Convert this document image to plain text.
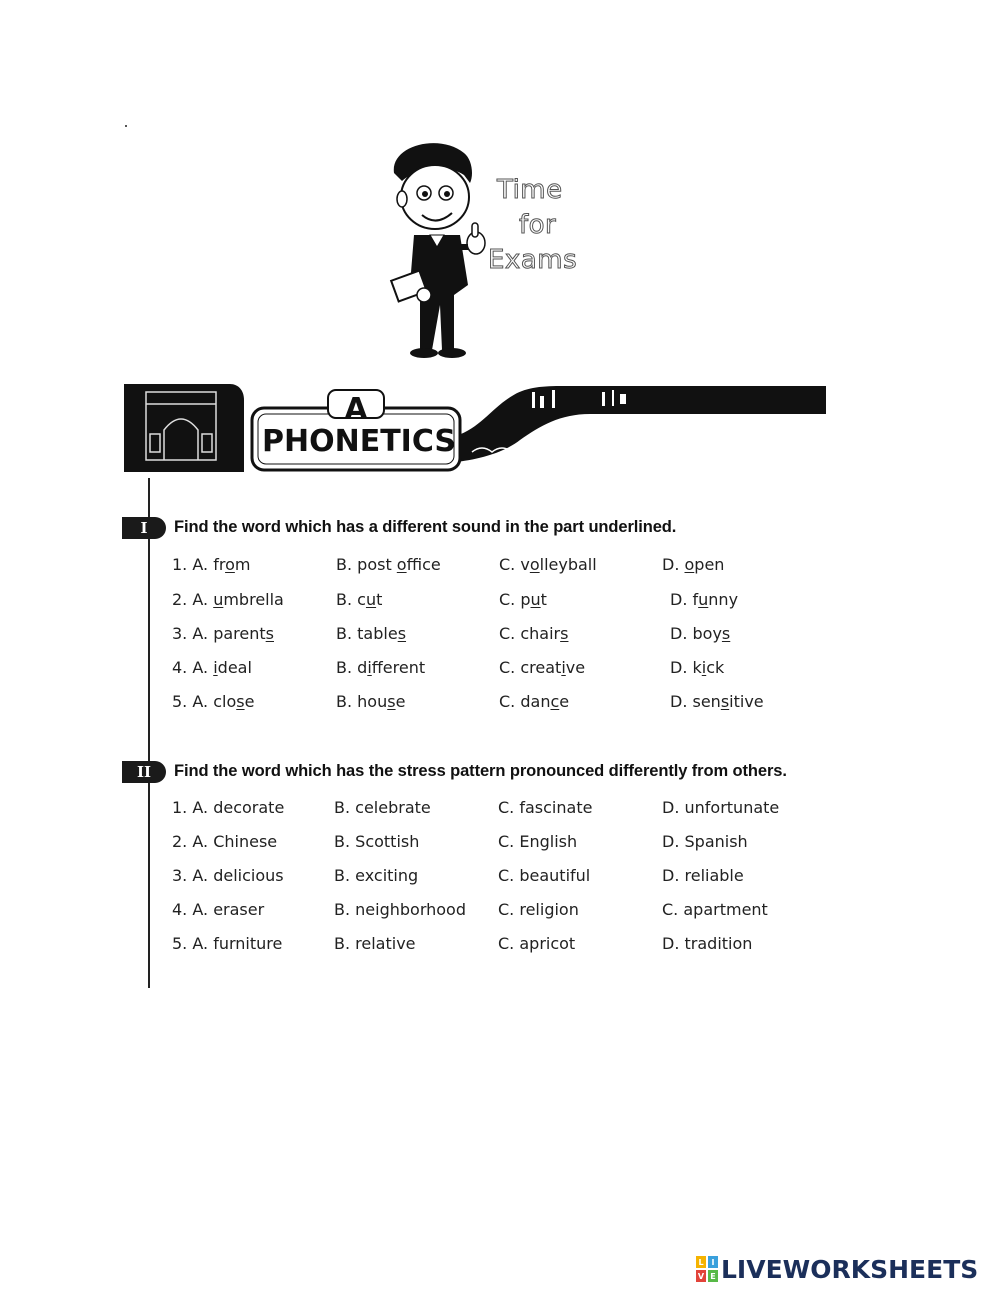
Time
for
Exams
A
PHONETICS
I	Find the word which has a different sound in the part underlined.
1. A. from	B. post office	C. volleyball	D. open
2. A. umbrella	B. cut	C. put	D. funny
3. A. parents	B. tables	C. chairs	D. boys
4. A. ideal	B. different	C. creative	D. kick
5. A. close	B. house	C. dance	D. sensitive
II	Find the word which has the stress pattern pronounced differently from others.
1. A. decorate	B. celebrate	C. fascinate	D. unfortunate
2. A. Chinese	B. Scottish	C. English	D. Spanish
3. A. delicious	B. exciting	C. beautiful	D. reliable
4. A. eraser	B. neighborhood C. religion	C. apartment
5. A. furniture	B. relative	C. apricot	D. tradition
L I
V E LIVEWORKSHEETS
